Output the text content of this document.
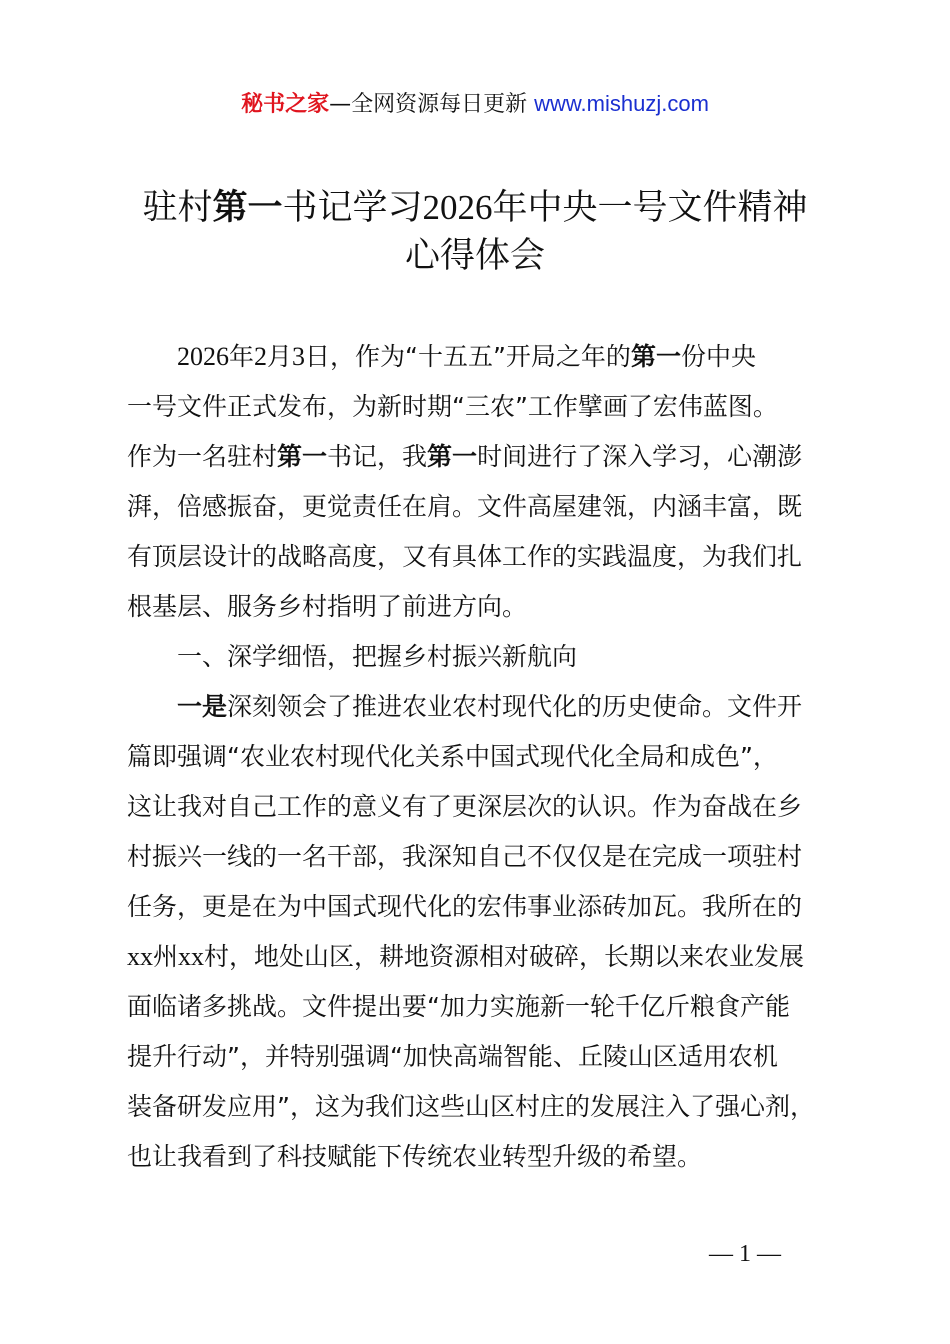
秘书之家—全网资源每日更新 www.mishuzj.com
驻村第一书记学习2026年中央一号文件精神
心得体会

2026年2月3日，作为“十五五”开局之年的第一份中央

一号文件正式发布，为新时期“三农”工作擘画了宏伟蓝图。

作为一名驻村第一书记，我第一时间进行了深入学习，心潮澎

湃，倍感振奋，更觉责任在肩。文件高屋建瓴，内涵丰富，既

有顶层设计的战略高度，又有具体工作的实践温度，为我们扎

根基层、服务乡村指明了前进方向。

一、深学细悟，把握乡村振兴新航向

一是深刻领会了推进农业农村现代化的历史使命。文件开

篇即强调“农业农村现代化关系中国式现代化全局和成色”，

这让我对自己工作的意义有了更深层次的认识。作为奋战在乡

村振兴一线的一名干部，我深知自己不仅仅是在完成一项驻村

任务，更是在为中国式现代化的宏伟事业添砖加瓦。我所在的

xx州xx村，地处山区，耕地资源相对破碎，长期以来农业发展

面临诸多挑战。文件提出要“加力实施新一轮千亿斤粮食产能

提升行动”，并特别强调“加快高端智能、丘陵山区适用农机

装备研发应用”，这为我们这些山区村庄的发展注入了强心剂，

也让我看到了科技赋能下传统农业转型升级的希望。

— 1 —
